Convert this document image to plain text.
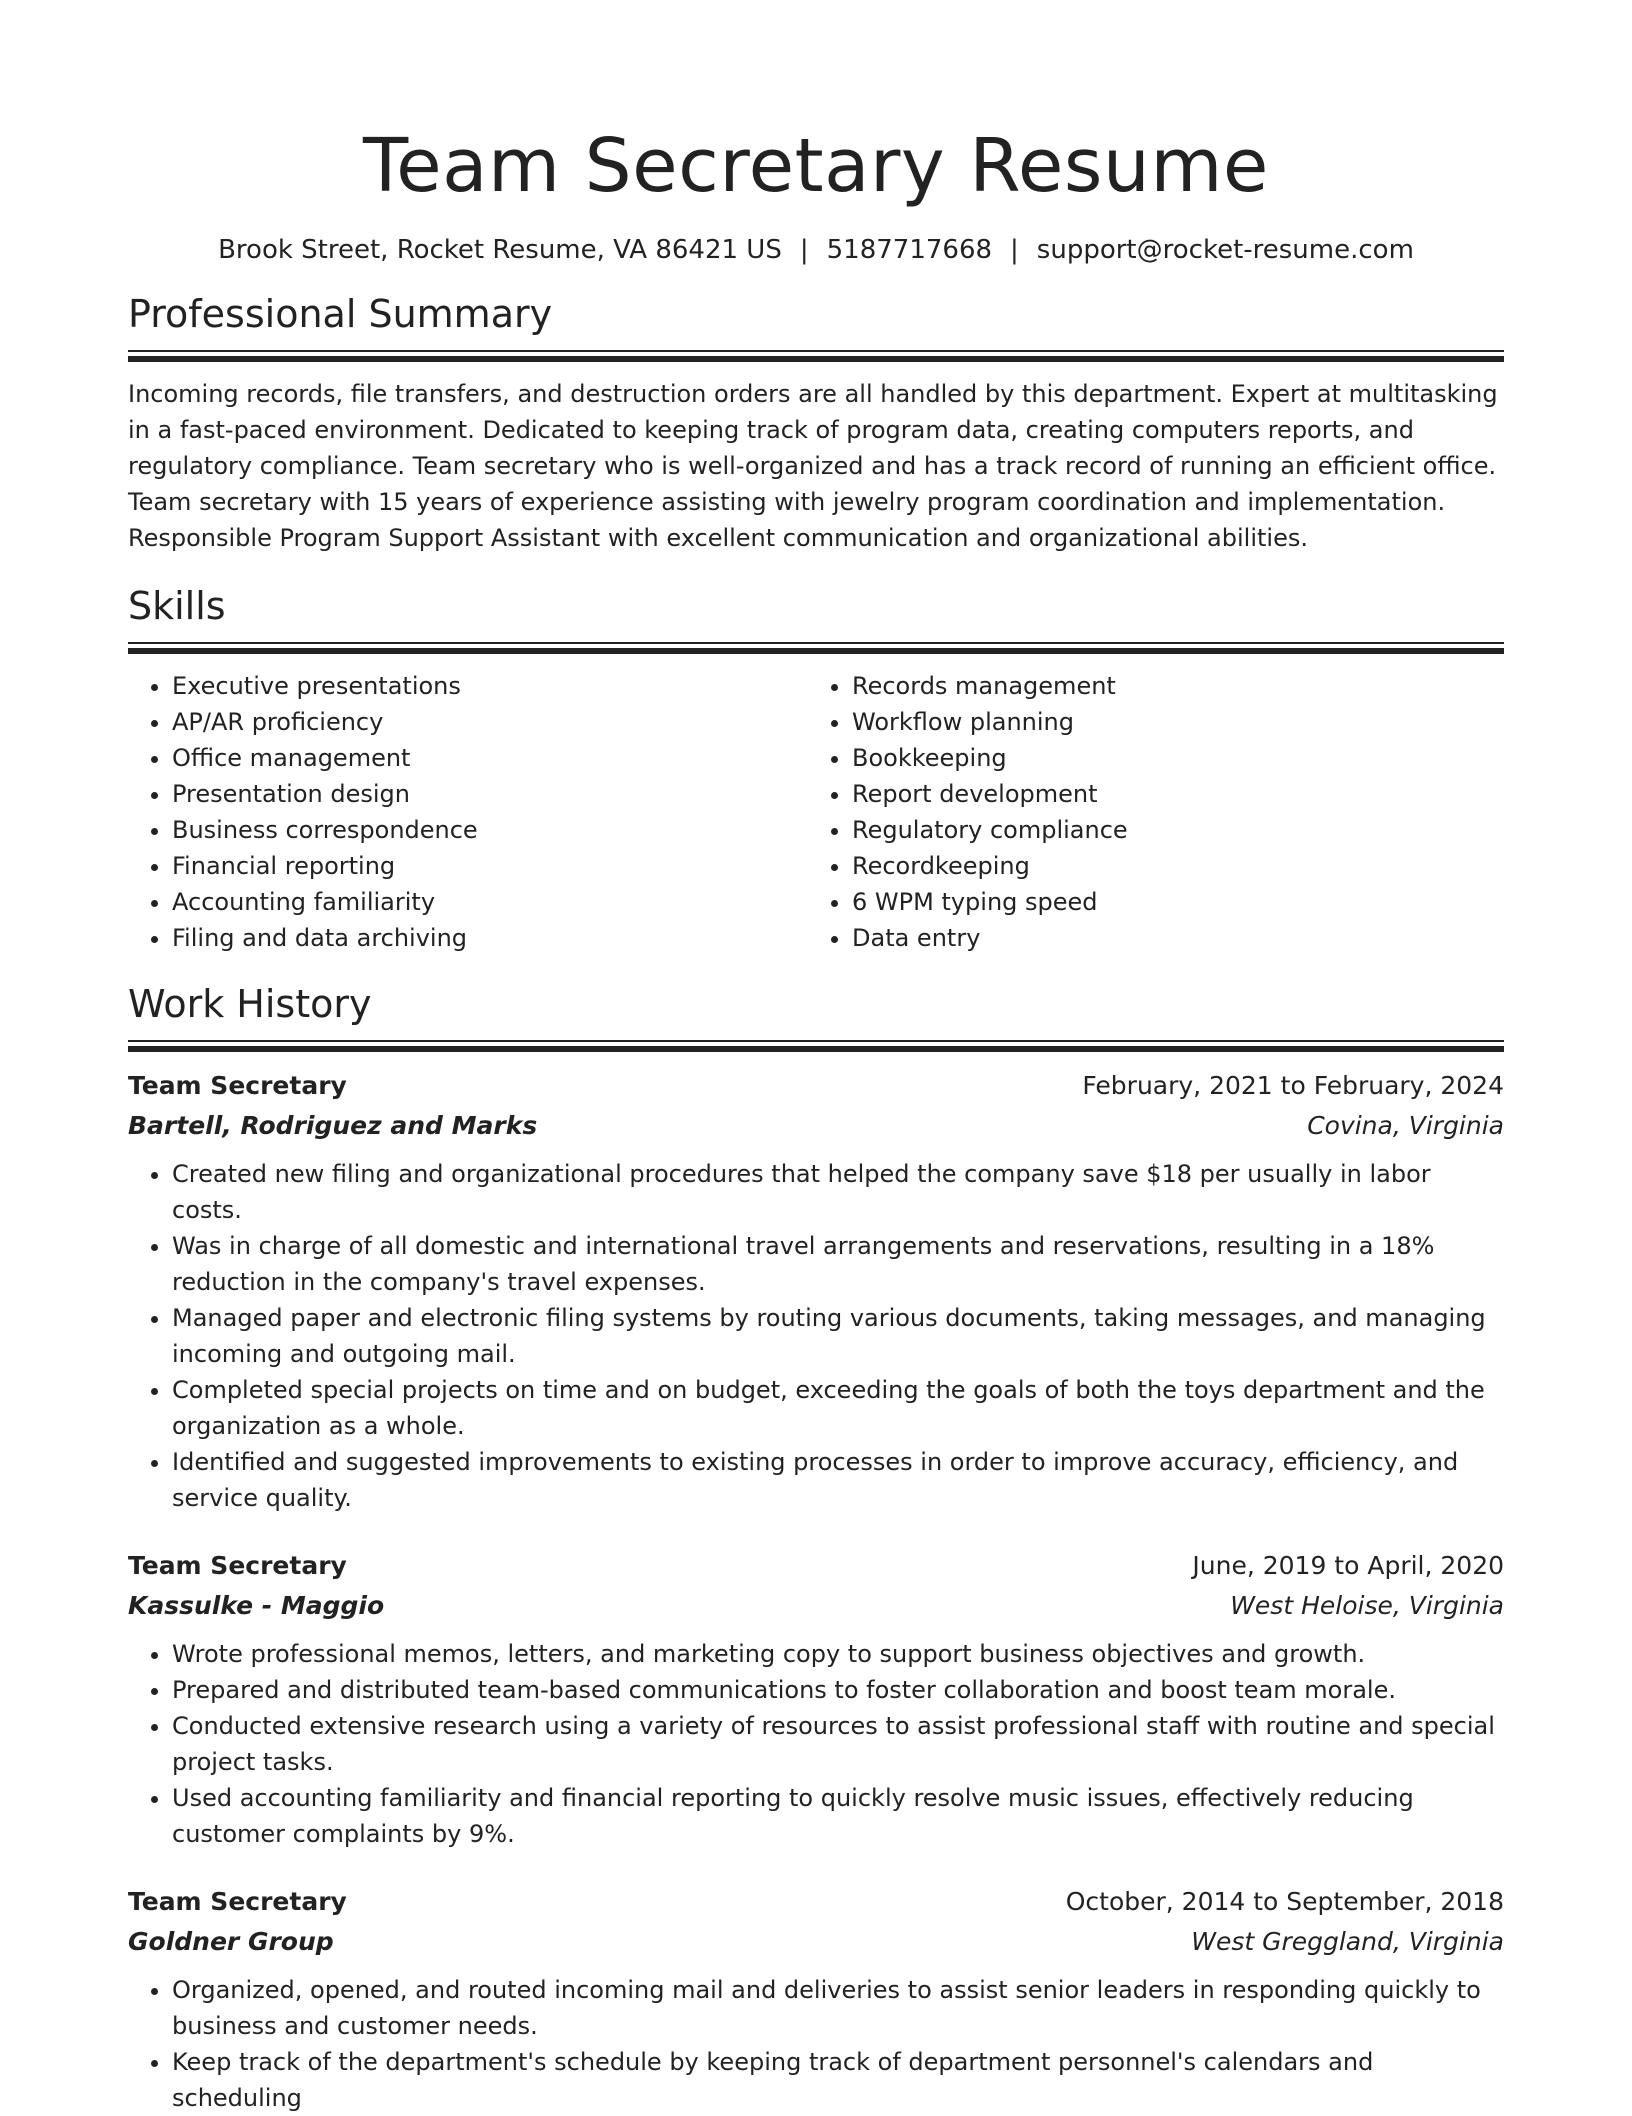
Team Secretary Resume
Brook Street, Rocket Resume, VA 86421 US | 5187717668 | support@rocket-resume.com
Professional Summary

Incoming records, file transfers, and destruction orders are all handled by this department. Expert at multitasking in a fast-paced environment. Dedicated to keeping track of program data, creating computers reports, and regulatory compliance. Team secretary who is well-organized and has a track record of running an efficient office. Team secretary with 15 years of experience assisting with jewelry program coordination and implementation. Responsible Program Support Assistant with excellent communication and organizational abilities.

Skills
• Executive presentations
• AP/AR proficiency
• Office management
• Presentation design
• Business correspondence
• Financial reporting
• Accounting familiarity
• Filing and data archiving
• Records management
• Workflow planning
• Bookkeeping
• Report development
• Regulatory compliance
• Recordkeeping
• 6 WPM typing speed
• Data entry
Work History
Team Secretary	February, 2021 to February, 2024
Bartell, Rodriguez and Marks	Covina, Virginia
• Created new filing and organizational procedures that helped the company save $18 per usually in labor costs.
• Was in charge of all domestic and international travel arrangements and reservations, resulting in a 18% reduction in the company's travel expenses.
• Managed paper and electronic filing systems by routing various documents, taking messages, and managing incoming and outgoing mail.
• Completed special projects on time and on budget, exceeding the goals of both the toys department and the organization as a whole.
• Identified and suggested improvements to existing processes in order to improve accuracy, efficiency, and service quality.
Team Secretary	June, 2019 to April, 2020
Kassulke - Maggio	West Heloise, Virginia
• Wrote professional memos, letters, and marketing copy to support business objectives and growth.
• Prepared and distributed team-based communications to foster collaboration and boost team morale.
• Conducted extensive research using a variety of resources to assist professional staff with routine and special project tasks.
• Used accounting familiarity and financial reporting to quickly resolve music issues, effectively reducing customer complaints by 9%.
Team Secretary	October, 2014 to September, 2018
Goldner Group	West Greggland, Virginia
• Organized, opened, and routed incoming mail and deliveries to assist senior leaders in responding quickly to business and customer needs.
• Keep track of the department's schedule by keeping track of department personnel's calendars and scheduling
